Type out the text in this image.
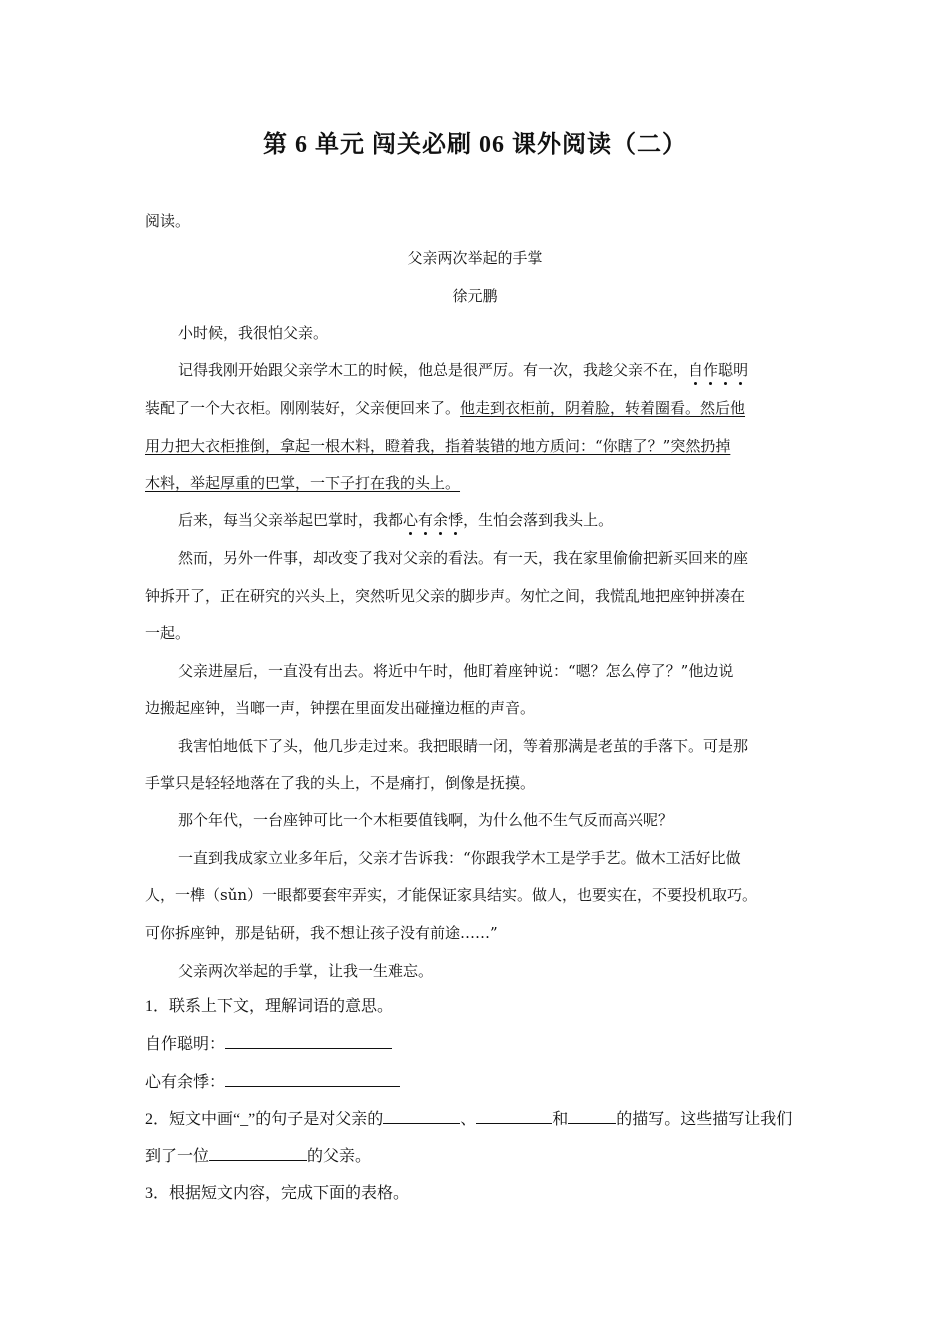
第 6 单元 闯关必刷 06 课外阅读（二）
阅读。
父亲两次举起的手掌
徐元鹏
小时候，我很怕父亲。
记得我刚开始跟父亲学木工的时候，他总是很严厉。有一次，我趁父亲不在，自作聪明
装配了一个大衣柜。刚刚装好，父亲便回来了。他走到衣柜前，阴着脸，转着圈看。然后他
用力把大衣柜推倒，拿起一根木料，瞪着我，指着装错的地方质问：“你瞎了？”突然扔掉
木料，举起厚重的巴掌，一下子打在我的头上。
后来，每当父亲举起巴掌时，我都心有余悸，生怕会落到我头上。
然而，另外一件事，却改变了我对父亲的看法。有一天，我在家里偷偷把新买回来的座
钟拆开了，正在研究的兴头上，突然听见父亲的脚步声。匆忙之间，我慌乱地把座钟拼凑在
一起。
父亲进屋后，一直没有出去。将近中午时，他盯着座钟说：“嗯？怎么停了？”他边说
边搬起座钟，当啷一声，钟摆在里面发出碰撞边框的声音。
我害怕地低下了头，他几步走过来。我把眼睛一闭，等着那满是老茧的手落下。可是那
手掌只是轻轻地落在了我的头上，不是痛打，倒像是抚摸。
那个年代，一台座钟可比一个木柜要值钱啊，为什么他不生气反而高兴呢？
一直到我成家立业多年后，父亲才告诉我：“你跟我学木工是学手艺。做木工活好比做
人，一榫（sǔn）一眼都要套牢弄实，才能保证家具结实。做人，也要实在，不要投机取巧。
可你拆座钟，那是钻研，我不想让孩子没有前途……”
父亲两次举起的手掌，让我一生难忘。
1．联系上下文，理解词语的意思。
自作聪明：
心有余悸：
2．短文中画“_”的句子是对父亲的	、	和	的描写。这些描写让我们
到了一位	的父亲。
3．根据短文内容，完成下面的表格。
